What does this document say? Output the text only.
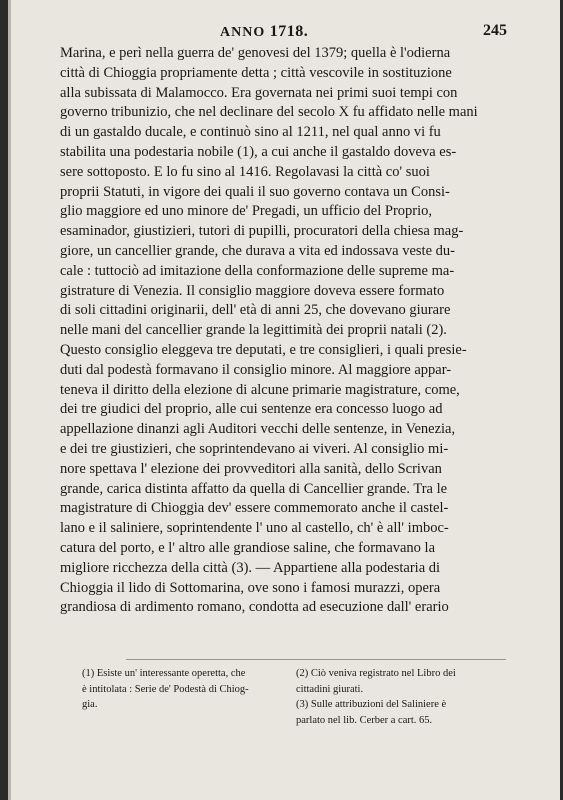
ANNO 1718.	245
Marina, e perì nella guerra de' genovesi del 1379; quella è l'odierna
città di Chioggia propriamente detta ; città vescovile in sostituzione
alla subissata di Malamocco. Era governata nei primi suoi tempi con
governo tribunizio, che nel declinare del secolo X fu affidato nelle mani
di un gastaldo ducale, e continuò sino al 1211, nel qual anno vi fu
stabilita una podestaria nobile (1), a cui anche il gastaldo doveva es-
sere sottoposto. E lo fu sino al 1416. Regolavasi la città co' suoi
proprii Statuti, in vigore dei quali il suo governo contava un Consi-
glio maggiore ed uno minore de' Pregadi, un ufficio del Proprio,
esaminador, giustizieri, tutori di pupilli, procuratori della chiesa mag-
giore, un cancellier grande, che durava a vita ed indossava veste du-
cale : tuttociò ad imitazione della conformazione delle supreme ma-
gistrature di Venezia. Il consiglio maggiore doveva essere formato
di soli cittadini originarii, dell' età di anni 25, che dovevano giurare
nelle mani del cancellier grande la legittimità dei proprii natali (2).
Questo consiglio eleggeva tre deputati, e tre consiglieri, i quali presie-
duti dal podestà formavano il consiglio minore. Al maggiore appar-
teneva il diritto della elezione di alcune primarie magistrature, come,
dei tre giudici del proprio, alle cui sentenze era concesso luogo ad
appellazione dinanzi agli Auditori vecchi delle sentenze, in Venezia,
e dei tre giustizieri, che soprintendevano ai viveri. Al consiglio mi-
nore spettava l' elezione dei provveditori alla sanità, dello Scrivan
grande, carica distinta affatto da quella di Cancellier grande. Tra le
magistrature di Chioggia dev' essere commemorato anche il castel-
lano e il saliniere, soprintendente l' uno al castello, ch' è all' imboc-
catura del porto, e l' altro alle grandiose saline, che formavano la
migliore ricchezza della città (3). — Appartiene alla podestaria di
Chioggia il lido di Sottomarina, ove sono i famosi murazzi, opera
grandiosa di ardimento romano, condotta ad esecuzione dall' erario
(1) Esiste un' interessante operetta, che
è intitolata : Serie de' Podestà di Chiog-
gia.
(2) Ciò veniva registrato nel Libro dei
cittadini giurati.
(3) Sulle attribuzioni del Saliniere è
parlato nel lib. Cerber a cart. 65.
